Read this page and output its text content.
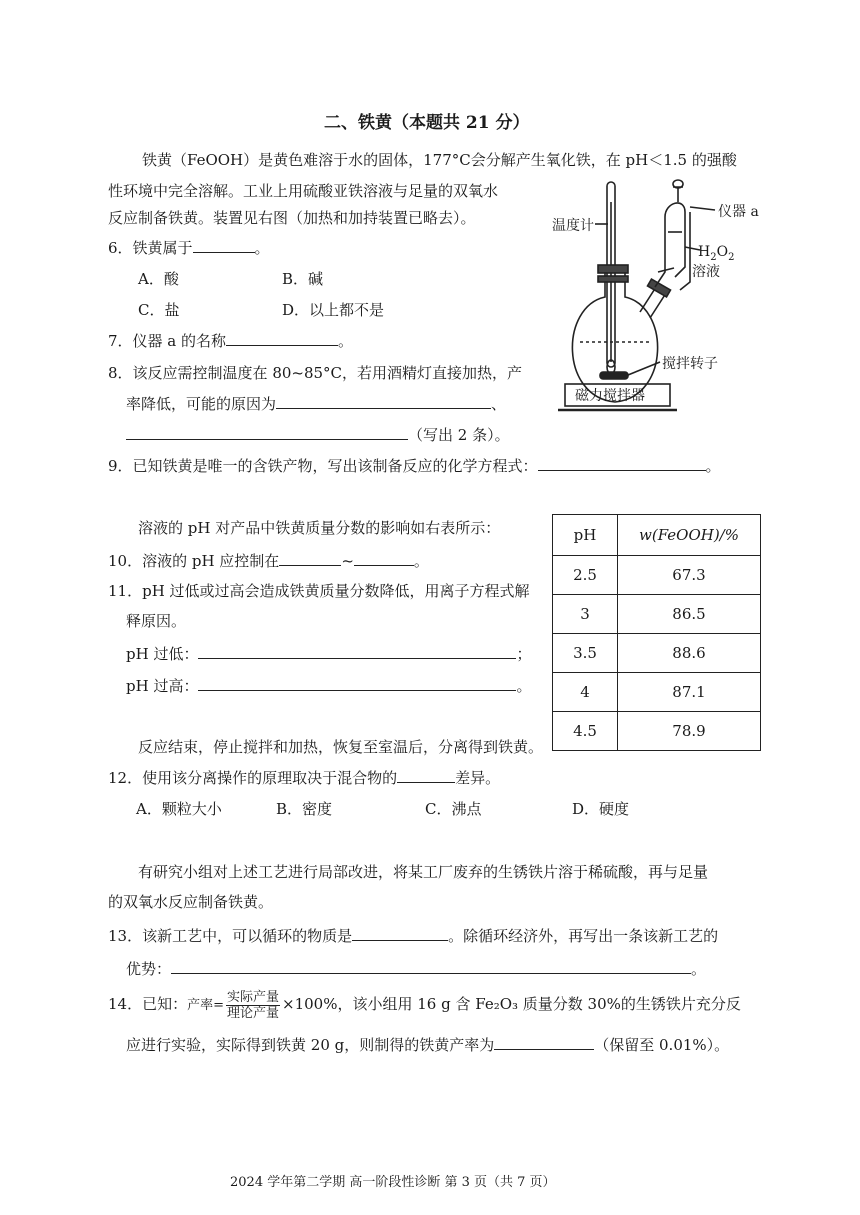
二、铁黄（本题共 21 分）
铁黄（FeOOH）是黄色难溶于水的固体，177°C会分解产生氧化铁，在 pH＜1.5 的强酸
性环境中完全溶解。工业上用硫酸亚铁溶液与足量的双氧水
反应制备铁黄。装置见右图（加热和加持装置已略去）。	温度计
仪器 a
$H_2O_2$
溶液
搅拌转子
磁力搅拌器
6．铁黄属于	。
A．酸	B．碱
C．盐	D．以上都不是
7．仪器 a 的名称	。
8．该反应需控制温度在 80~85°C，若用酒精灯直接加热，产
率降低，可能的原因为	、
（写出 2 条）。
9．已知铁黄是唯一的含铁产物，写出该制备反应的化学方程式：	。
溶液的 pH 对产品中铁黄质量分数的影响如右表所示：
10．溶液的 pH 应控制在	~	。
11．pH 过低或过高会造成铁黄质量分数降低，用离子方程式解
释原因。
pH 过低：	；
pH 过高：	。
pH	w(FeOOH)/%
2.5	67.3
3	86.5
3.5	88.6
4	87.1
4.5	78.9
反应结束，停止搅拌和加热，恢复至室温后，分离得到铁黄。
12．使用该分离操作的原理取决于混合物的	差异。
A．颗粒大小	B．密度	C．沸点	D．硬度
有研究小组对上述工艺进行局部改进，将某工厂废弃的生锈铁片溶于稀硫酸，再与足量
的双氧水反应制备铁黄。
13．该新工艺中，可以循环的物质是	。除循环经济外，再写出一条该新工艺的
优势：	。
14．已知：产率= $\frac{\text{实际产量}}{\text{理论产量}} \times 100\%$，该小组用 16 g 含 Fe₂O₃ 质量分数 30%的生锈铁片充分反
应进行实验，实际得到铁黄 20 g，则制得的铁黄产率为	（保留至 0.01%）。
2024 学年第二学期 高一阶段性诊断 第 3 页（共 7 页）
